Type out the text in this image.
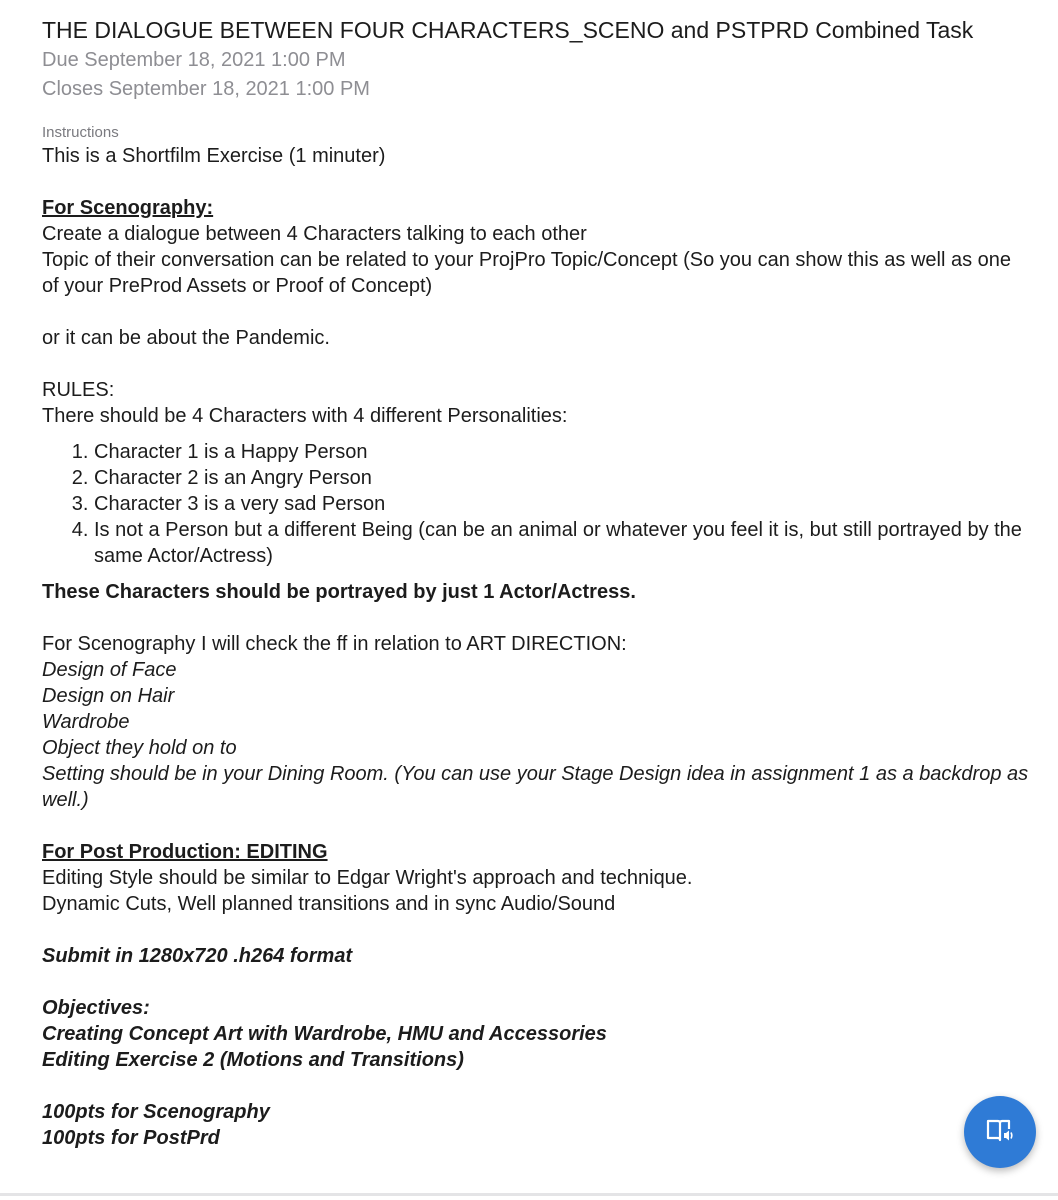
THE DIALOGUE BETWEEN FOUR CHARACTERS_SCENO and PSTPRD Combined Task
Due September 18, 2021 1:00 PM
Closes September 18, 2021 1:00 PM
Instructions

This is a Shortfilm Exercise (1 minuter)

For Scenography:

Create a dialogue between 4 Characters talking to each other

Topic of their conversation can be related to your ProjPro Topic/Concept (So you can show this as well as one of your PreProd Assets or Proof of Concept)

or it can be about the Pandemic.

RULES:

There should be 4 Characters with 4 different Personalities:

1. Character 1 is a Happy Person
2. Character 2 is an Angry Person
3. Character 3 is a very sad Person
4. Is not a Person but a different Being (can be an animal or whatever you feel it is, but still portrayed by the same Actor/Actress)

These Characters should be portrayed by just 1 Actor/Actress.

For Scenography I will check the ff in relation to ART DIRECTION:

Design of Face

Design on Hair

Wardrobe

Object they hold on to

Setting should be in your Dining Room. (You can use your Stage Design idea in assignment 1 as a backdrop as well.)

For Post Production: EDITING

Editing Style should be similar to Edgar Wright's approach and technique.

Dynamic Cuts, Well planned transitions and in sync Audio/Sound

Submit in 1280x720 .h264 format

Objectives:

Creating Concept Art with Wardrobe, HMU and Accessories

Editing Exercise 2 (Motions and Transitions)

100pts for Scenography

100pts for PostPrd
